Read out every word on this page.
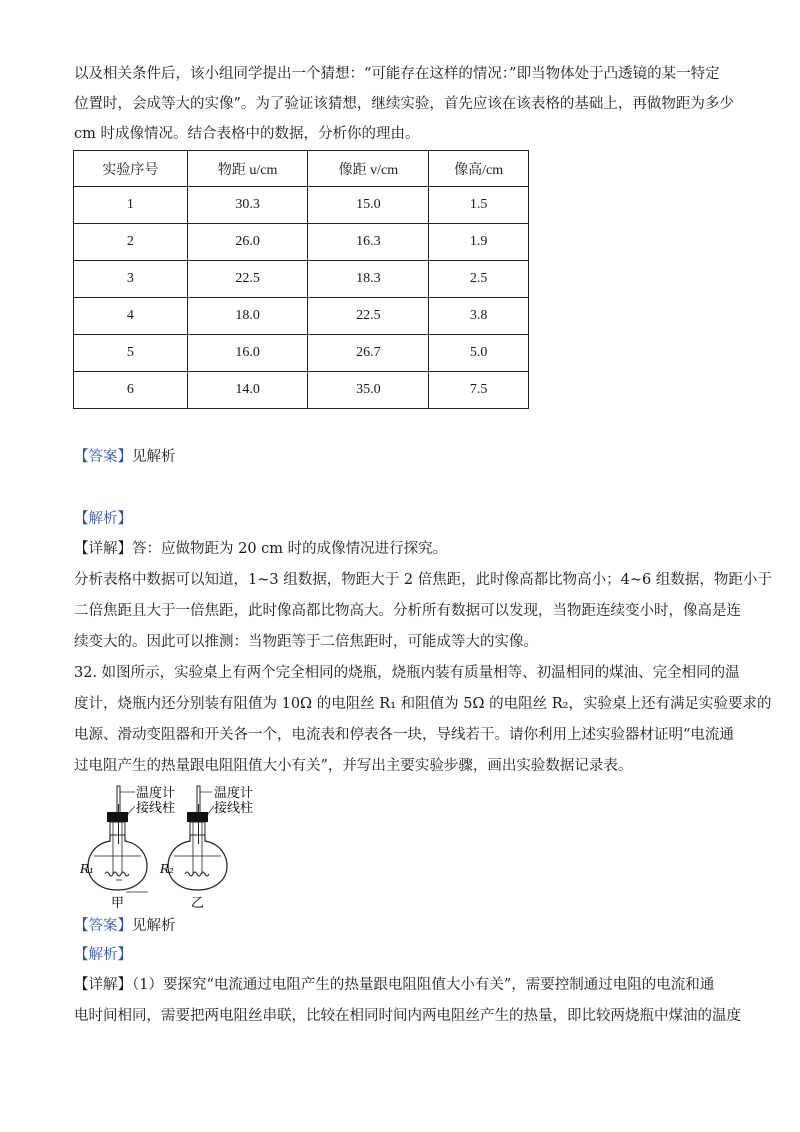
以及相关条件后，该小组同学提出一个猜想：“可能存在这样的情况：”即当物体处于凸透镜的某一特定
位置时，会成等大的实像”。为了验证该猜想，继续实验，首先应该在该表格的基础上，再做物距为多少
cm 时成像情况。结合表格中的数据，分析你的理由。
实验序号	物距 u/cm	像距 v/cm	像高/cm
1	30.3	15.0	1.5
2	26.0	16.3	1.9
3	22.5	18.3	2.5
4	18.0	22.5	3.8
5	16.0	26.7	5.0
6	14.0	35.0	7.5
【答案】见解析
【解析】
【详解】答：应做物距为 20 cm 时的成像情况进行探究。
分析表格中数据可以知道，1~3 组数据，物距大于 2 倍焦距，此时像高都比物高小；4~6 组数据，物距小于
二倍焦距且大于一倍焦距，此时像高都比物高大。分析所有数据可以发现，当物距连续变小时，像高是连
续变大的。因此可以推测：当物距等于二倍焦距时，可能成等大的实像。
32. 如图所示，实验桌上有两个完全相同的烧瓶，烧瓶内装有质量相等、初温相同的煤油、完全相同的温
度计，烧瓶内还分别装有阻值为 10Ω 的电阻丝 R₁ 和阻值为 5Ω 的电阻丝 R₂，实验桌上还有满足实验要求的
电源、滑动变阻器和开关各一个，电流表和停表各一块，导线若干。请你利用上述实验器材证明“电流通
过电阻产生的热量跟电阻阻值大小有关”，并写出主要实验步骤，画出实验数据记录表。
温度计
接线柱
温度计
接线柱
R₁	R₂
甲	乙
【答案】见解析
【解析】
【详解】（1）要探究“电流通过电阻产生的热量跟电阻阻值大小有关”，需要控制通过电阻的电流和通
电时间相同，需要把两电阻丝串联，比较在相同时间内两电阻丝产生的热量，即比较两烧瓶中煤油的温度
